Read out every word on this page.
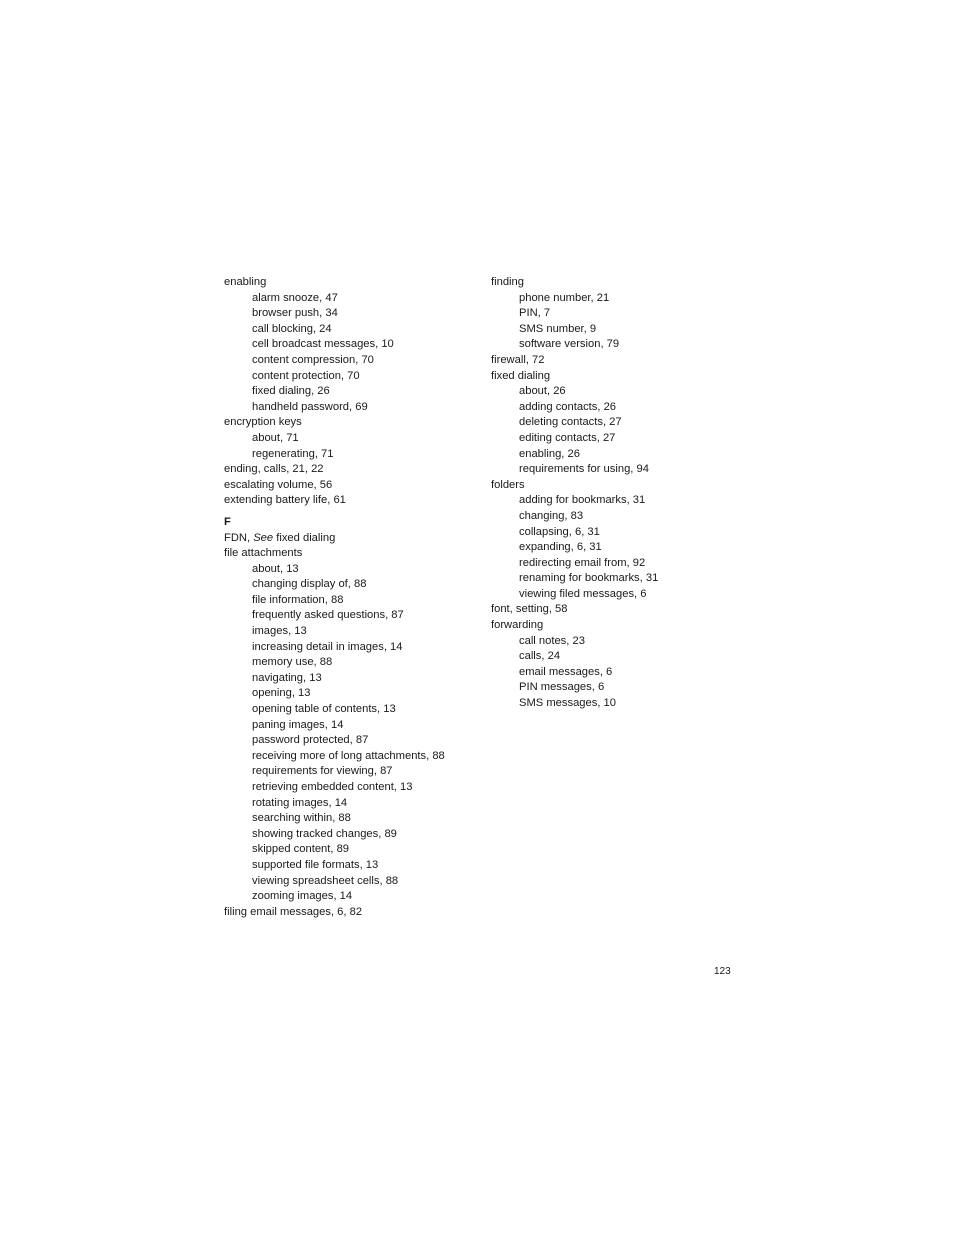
enabling
alarm snooze, 47
browser push, 34
call blocking, 24
cell broadcast messages, 10
content compression, 70
content protection, 70
fixed dialing, 26
handheld password, 69
encryption keys
about, 71
regenerating, 71
ending, calls, 21, 22
escalating volume, 56
extending battery life, 61
F
FDN, See fixed dialing
file attachments
about, 13
changing display of, 88
file information, 88
frequently asked questions, 87
images, 13
increasing detail in images, 14
memory use, 88
navigating, 13
opening, 13
opening table of contents, 13
paning images, 14
password protected, 87
receiving more of long attachments, 88
requirements for viewing, 87
retrieving embedded content, 13
rotating images, 14
searching within, 88
showing tracked changes, 89
skipped content, 89
supported file formats, 13
viewing spreadsheet cells, 88
zooming images, 14
filing email messages, 6, 82
finding
phone number, 21
PIN, 7
SMS number, 9
software version, 79
firewall, 72
fixed dialing
about, 26
adding contacts, 26
deleting contacts, 27
editing contacts, 27
enabling, 26
requirements for using, 94
folders
adding for bookmarks, 31
changing, 83
collapsing, 6, 31
expanding, 6, 31
redirecting email from, 92
renaming for bookmarks, 31
viewing filed messages, 6
font, setting, 58
forwarding
call notes, 23
calls, 24
email messages, 6
PIN messages, 6
SMS messages, 10
123
